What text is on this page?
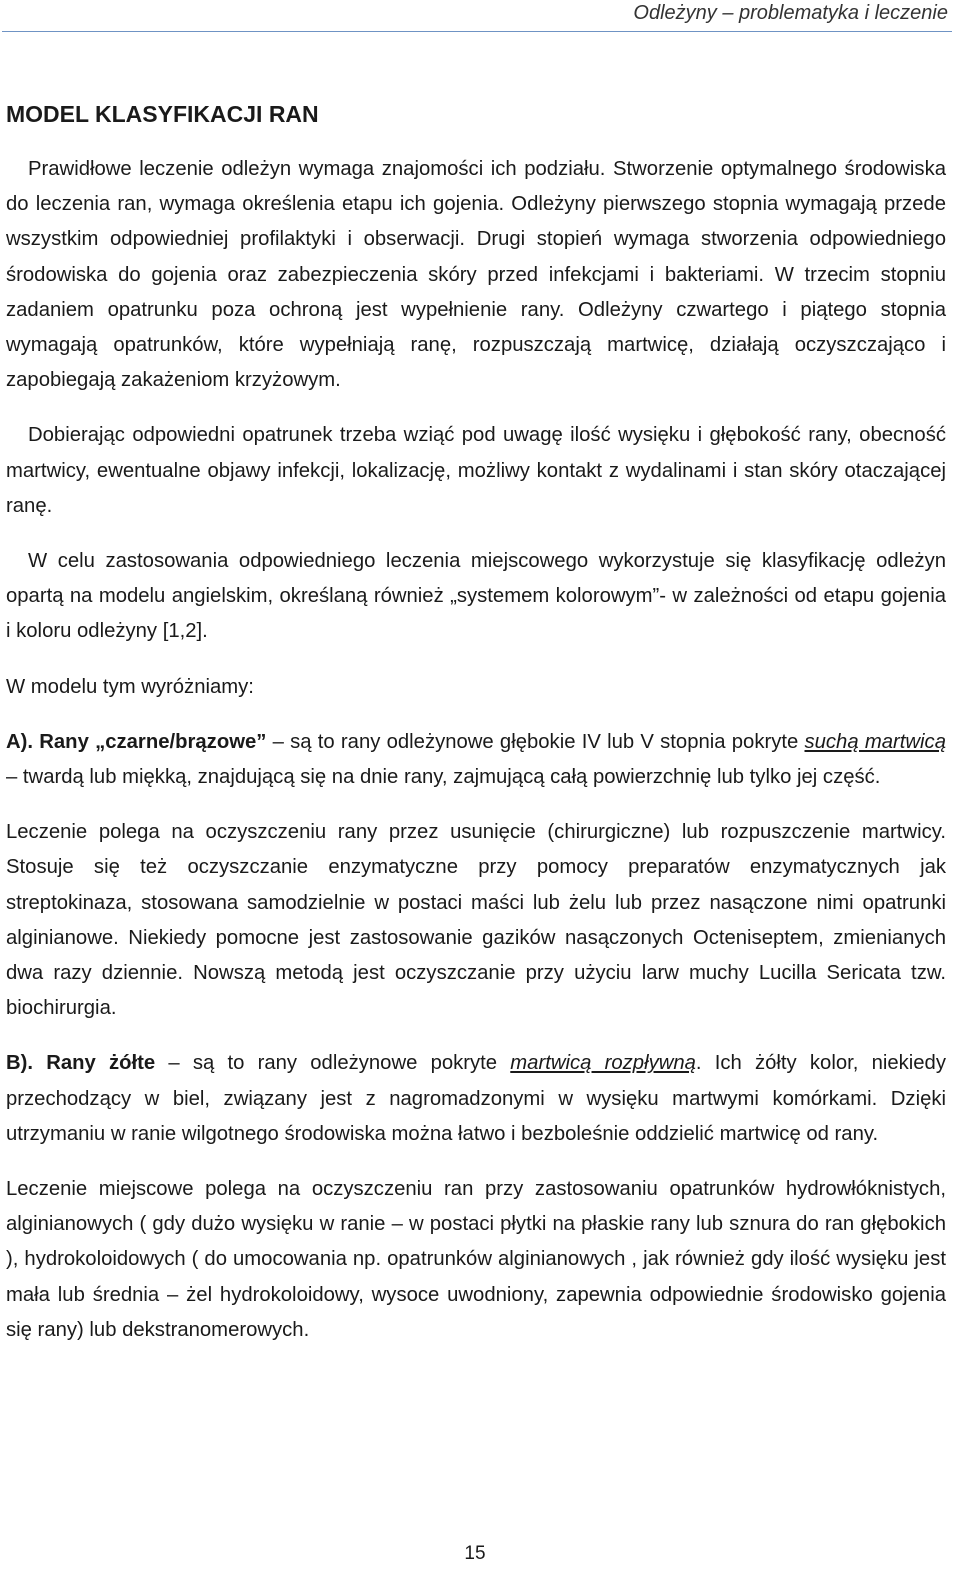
Odleżyny – problematyka i leczenie
MODEL KLASYFIKACJI RAN

Prawidłowe leczenie odleżyn wymaga znajomości ich podziału. Stworzenie optymalnego środowiska do leczenia ran, wymaga określenia etapu ich gojenia. Odleżyny pierwszego stopnia wymagają przede wszystkim odpowiedniej profilaktyki i obserwacji. Drugi stopień wymaga stworzenia odpowiedniego środowiska do gojenia oraz zabezpieczenia skóry przed infekcjami i bakteriami. W trzecim stopniu zadaniem opatrunku poza ochroną jest wypełnienie rany. Odleżyny czwartego i piątego stopnia wymagają opatrunków, które wypełniają ranę, rozpuszczają martwicę, działają oczyszczająco i zapobiegają zakażeniom krzyżowym.

Dobierając odpowiedni opatrunek trzeba wziąć pod uwagę ilość wysięku i głębokość rany, obecność martwicy, ewentualne objawy infekcji, lokalizację, możliwy kontakt z wydalinami i stan skóry otaczającej ranę.

W celu zastosowania odpowiedniego leczenia miejscowego wykorzystuje się klasyfikację odleżyn opartą na modelu angielskim, określaną również „systemem kolorowym”- w zależności od etapu gojenia i koloru odleżyny [1,2].

W modelu tym wyróżniamy:

A). Rany „czarne/brązowe” – są to rany odleżynowe głębokie IV lub V stopnia pokryte suchą martwicą – twardą lub miękką, znajdującą się na dnie rany, zajmującą całą powierzchnię lub tylko jej część.

Leczenie polega na oczyszczeniu rany przez usunięcie (chirurgiczne) lub rozpuszczenie martwicy. Stosuje się też oczyszczanie enzymatyczne przy pomocy preparatów enzymatycznych jak streptokinaza, stosowana samodzielnie w postaci maści lub żelu lub przez nasączone nimi opatrunki alginianowe. Niekiedy pomocne jest zastosowanie gazików nasączonych Octeniseptem, zmienianych dwa razy dziennie. Nowszą metodą jest oczyszczanie przy użyciu larw muchy Lucilla Sericata tzw. biochirurgia.

B). Rany żółte – są to rany odleżynowe pokryte martwicą rozpływną. Ich żółty kolor, niekiedy przechodzący w biel, związany jest z nagromadzonymi w wysięku martwymi komórkami. Dzięki utrzymaniu w ranie wilgotnego środowiska można łatwo i bezboleśnie oddzielić martwicę od rany.

Leczenie miejscowe polega na oczyszczeniu ran przy zastosowaniu opatrunków hydrowłóknistych, alginianowych ( gdy dużo wysięku w ranie – w postaci płytki na płaskie rany lub sznura do ran głębokich ), hydrokoloidowych ( do umocowania np. opatrunków alginianowych , jak również gdy ilość wysięku jest mała lub średnia – żel hydrokoloidowy, wysoce uwodniony, zapewnia odpowiednie środowisko gojenia się rany) lub dekstranomerowych.

15
